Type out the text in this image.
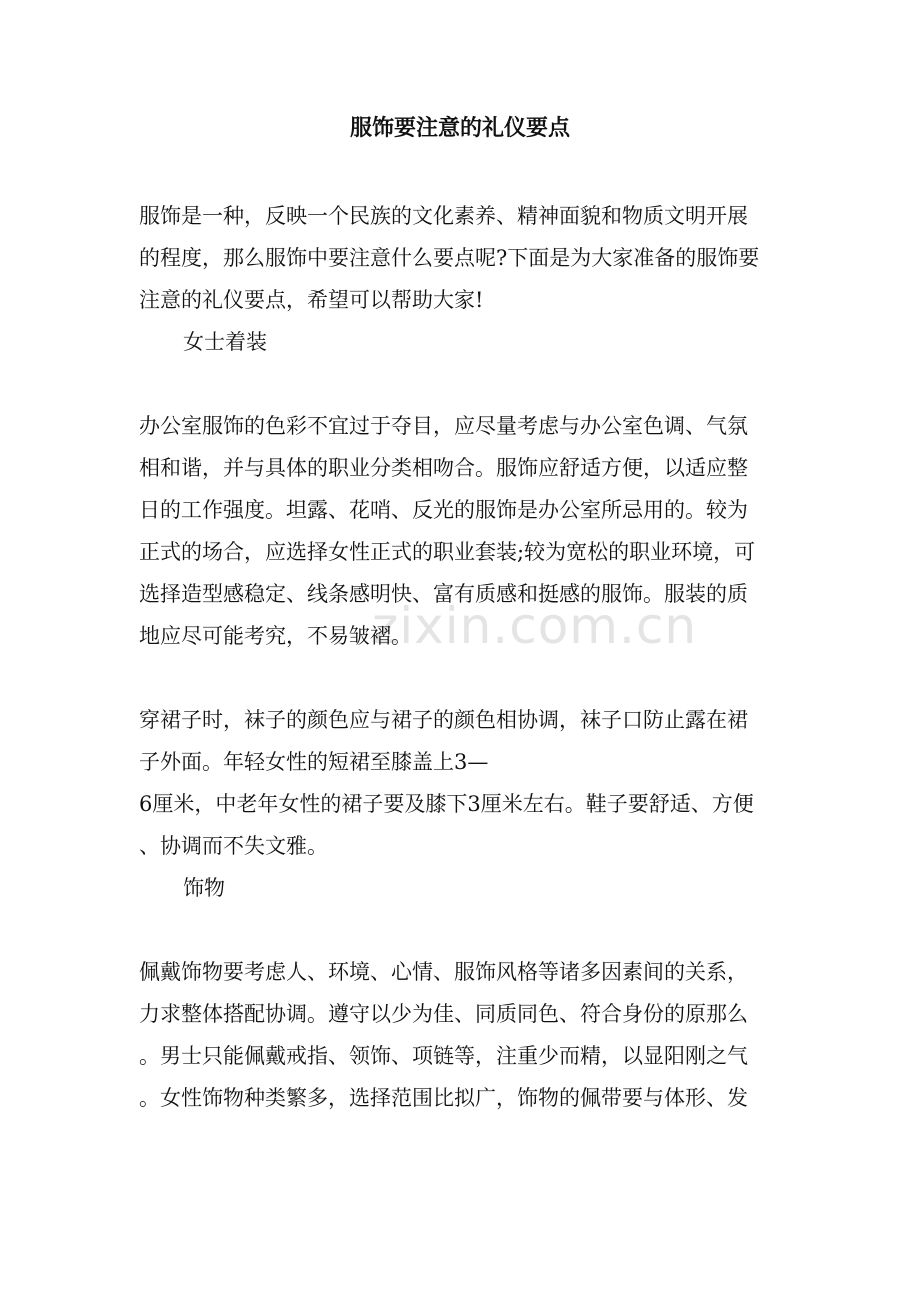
zixin.com.cn
服饰要注意的礼仪要点

服饰是一种，反映一个民族的文化素养、精神面貌和物质文明开展

的程度，那么服饰中要注意什么要点呢?下面是为大家准备的服饰要

注意的礼仪要点，希望可以帮助大家!

女士着装

办公室服饰的色彩不宜过于夺目，应尽量考虑与办公室色调、气氛

相和谐，并与具体的职业分类相吻合。服饰应舒适方便，以适应整

日的工作强度。坦露、花哨、反光的服饰是办公室所忌用的。较为

正式的场合，应选择女性正式的职业套装;较为宽松的职业环境，可

选择造型感稳定、线条感明快、富有质感和挺感的服饰。服装的质

地应尽可能考究，不易皱褶。

穿裙子时，袜子的颜色应与裙子的颜色相协调，袜子口防止露在裙

子外面。年轻女性的短裙至膝盖上3—

6厘米，中老年女性的裙子要及膝下3厘米左右。鞋子要舒适、方便

、协调而不失文雅。

饰物

佩戴饰物要考虑人、环境、心情、服饰风格等诸多因素间的关系，

力求整体搭配协调。遵守以少为佳、同质同色、符合身份的原那么

。男士只能佩戴戒指、领饰、项链等，注重少而精，以显阳刚之气

。女性饰物种类繁多，选择范围比拟广，饰物的佩带要与体形、发
